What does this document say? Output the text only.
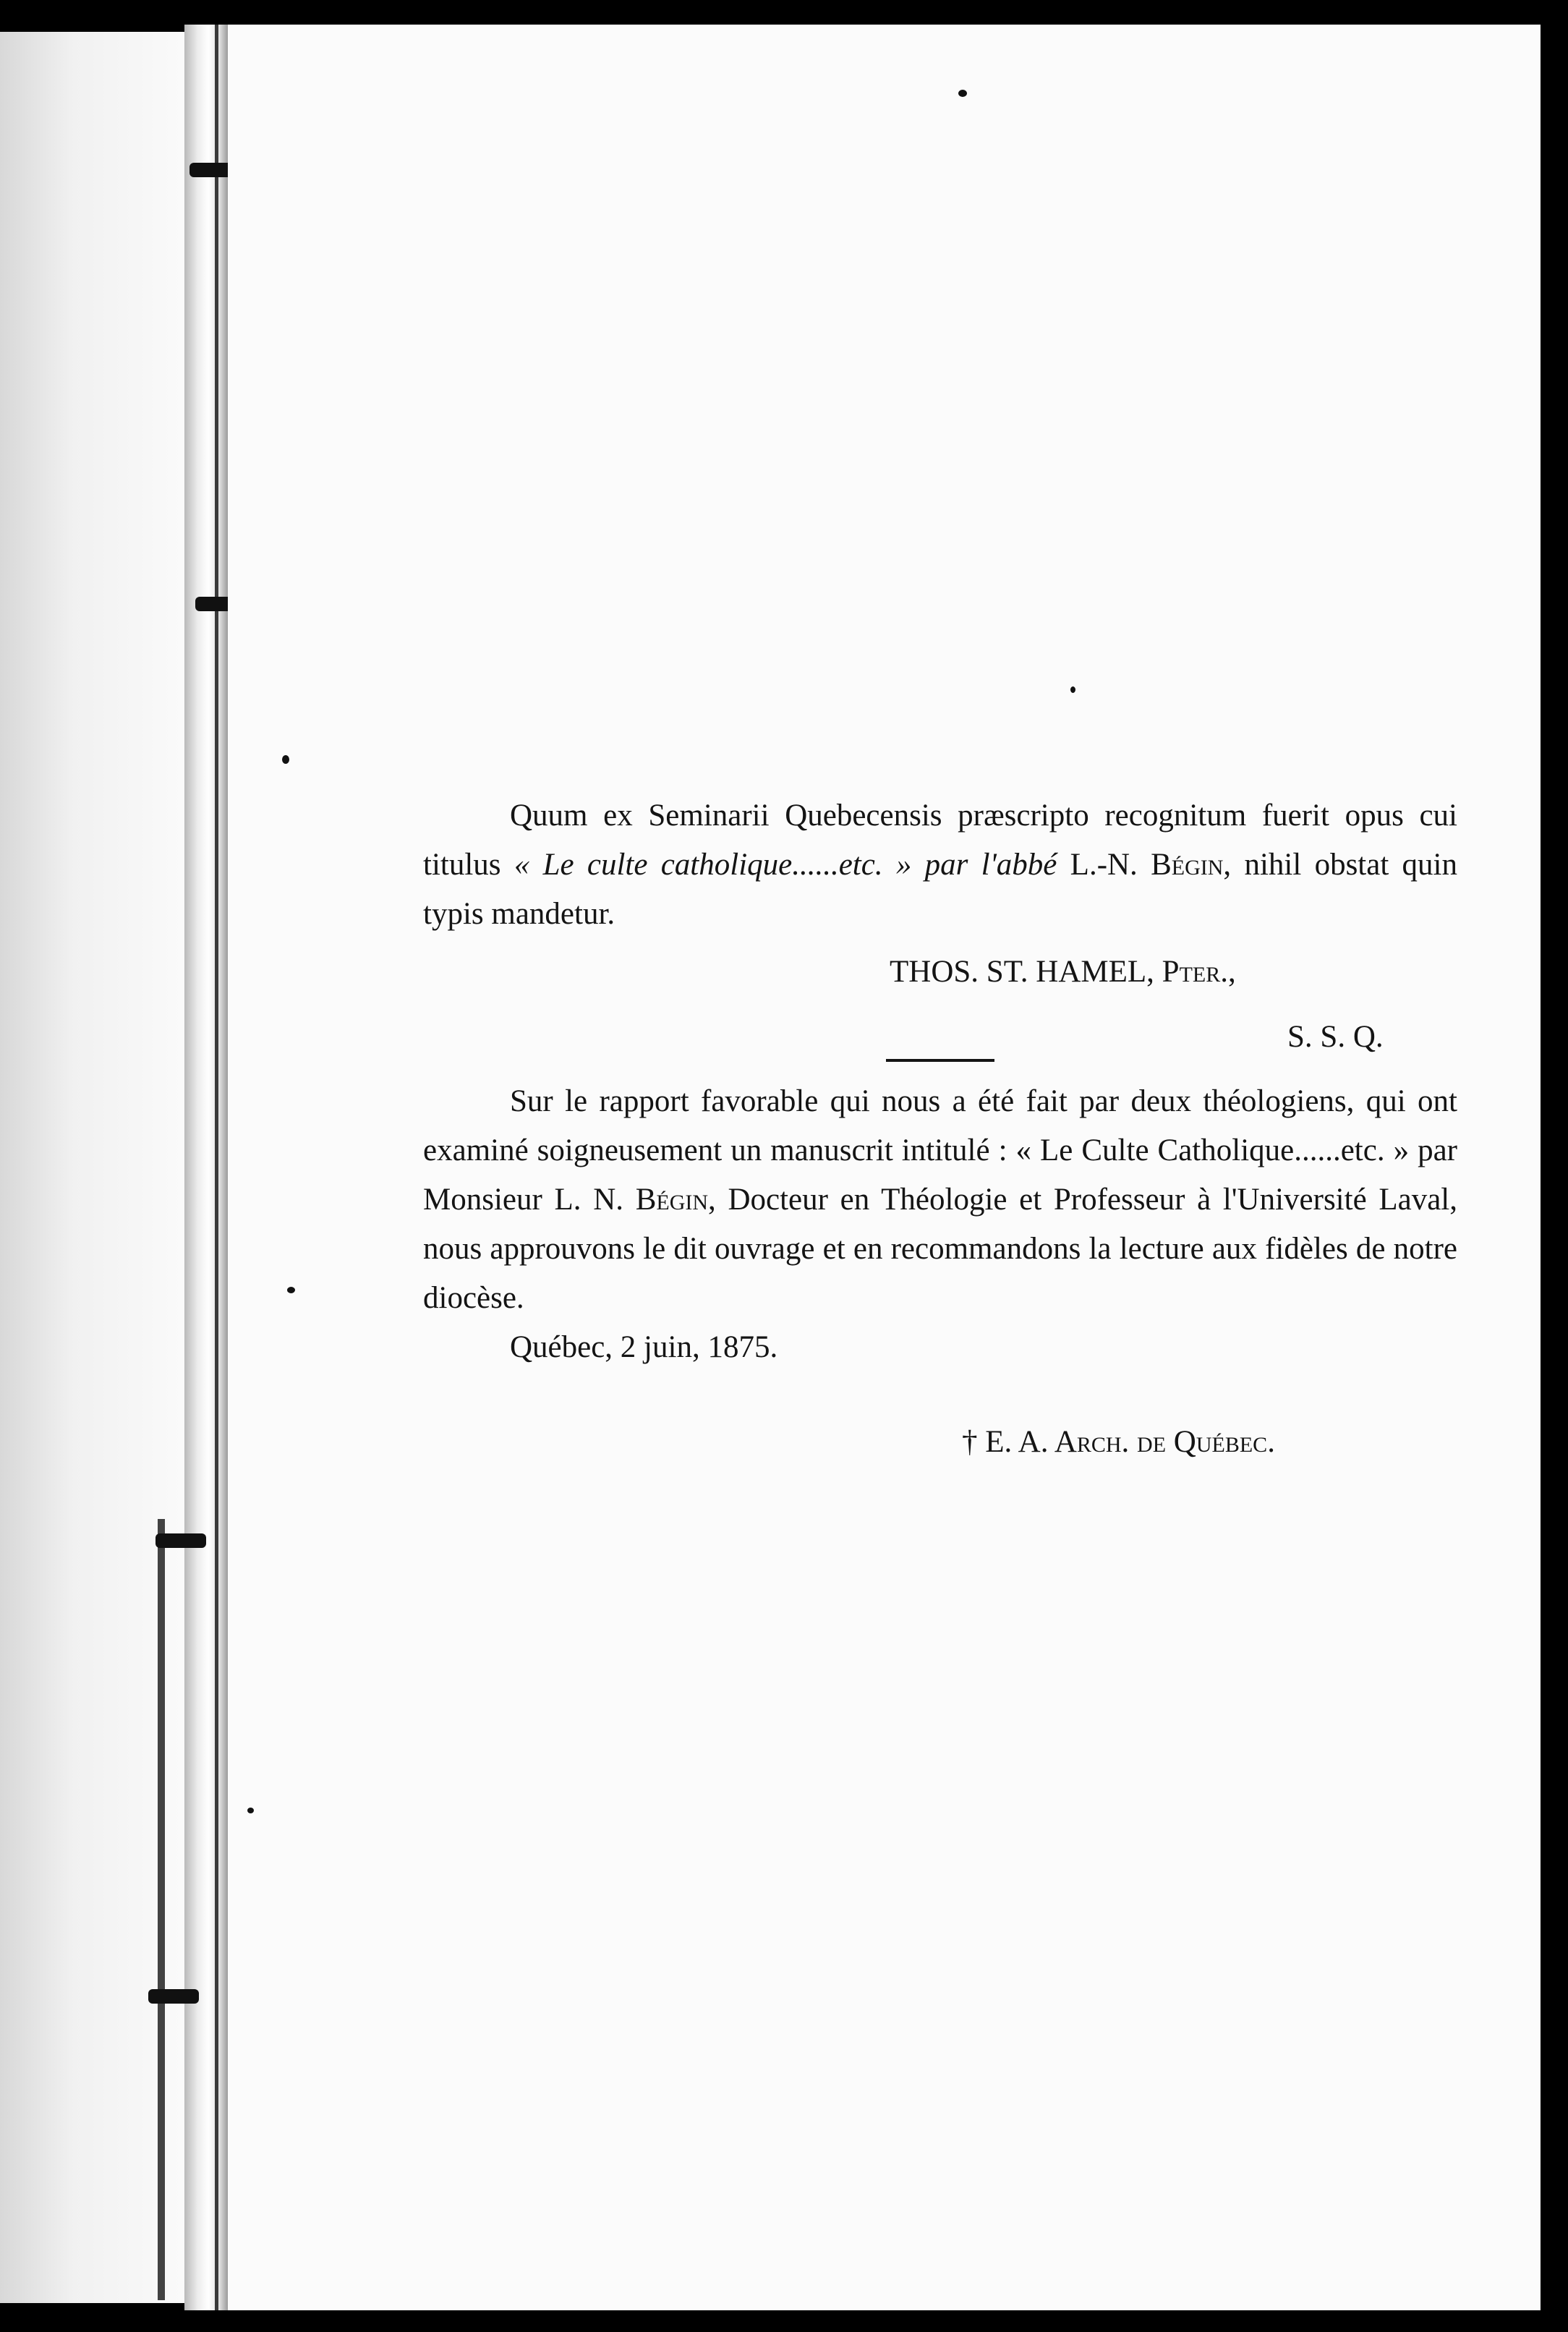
Quum ex Seminarii Quebecensis præscripto recognitum fuerit opus cui titulus « Le culte catholique......etc. » par l'abbé L.-N. Bégin, nihil obstat quin typis mandetur.

THOS. ST. HAMEL, Pter.,
S. S. Q.

Sur le rapport favorable qui nous a été fait par deux théologiens, qui ont examiné soigneusement un manuscrit intitulé : « Le Culte Catholique......etc. » par Monsieur L. N. Bégin, Docteur en Théologie et Professeur à l'Université Laval, nous approuvons le dit ouvrage et en recommandons la lecture aux fidèles de notre diocèse.

Québec, 2 juin, 1875.

† E. A. Arch. de Québec.
